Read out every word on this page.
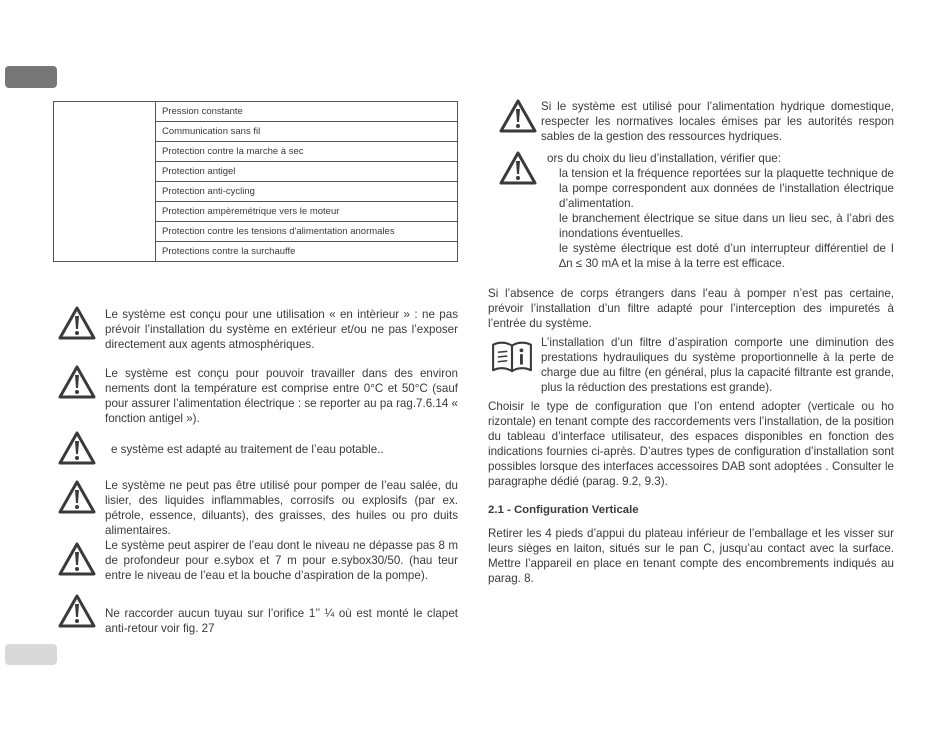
	Pression constante
Communication sans fil
Protection contre la marche à sec
Protection antigel
Protection anti-cycling
Protection ampèremétrique vers le moteur
Protection contre les tensions d'alimentation anormales
Protections contre la surchauffe
Le système est conçu pour une utilisation « en intèrieur » : ne pas prévoir l’installation du système en extérieur et/ou ne pas l’exposer directement aux agents atmosphériques.
Le système est conçu pour pouvoir travailler dans des environ nements dont la température est comprise entre 0°C et 50°C (sauf pour assurer l’alimentation électrique : se reporter au pa rag.7.6.14 « fonction antigel »).
e système est adapté au traitement de l’eau potable..
Le système ne peut pas être utilisé pour pomper de l’eau salée, du lisier, des liquides inflammables, corrosifs ou explosifs (par ex. pétrole, essence, diluants), des graisses, des huiles ou pro duits alimentaires.
Le système peut aspirer de l’eau dont le niveau ne dépasse pas 8 m de profondeur pour e.sybox et 7 m pour e.sybox30/50. (hau teur entre le niveau de l’eau et la bouche d’aspiration de la pompe).
Ne raccorder aucun tuyau sur l’orifice 1’’ ¼ où est monté le clapet anti-retour voir fig. 27
Si le système est utilisé pour l’alimentation hydrique domestique, respecter les normatives locales émises par les autorités respon sables de la gestion des ressources hydriques.
ors du choix du lieu d’installation, vérifier que:
la tension et la fréquence reportées sur la plaquette technique de la pompe correspondent aux données de l’installation électrique d’alimentation.
le branchement électrique se situe dans un lieu sec, à l’abri des inondations éventuelles.
le système électrique est doté d’un interrupteur différentiel de I ∆n ≤ 30 mA et la mise à la terre est efficace.
Si l’absence de corps étrangers dans l’eau à pomper n’est pas certaine, prévoir l’installation d’un filtre adapté pour l’interception des impuretés à l’entrée du système.
L’installation d’un filtre d’aspiration comporte une diminution des prestations hydrauliques du système proportionnelle à la perte de charge due au filtre (en général, plus la capacité filtrante est grande, plus la réduction des prestations est grande).
Choisir le type de configuration que l’on entend adopter (verticale ou ho rizontale) en tenant compte des raccordements vers l’installation, de la position du tableau d’interface utilisateur, des espaces disponibles en fonction des indications fournies ci-après. D’autres types de configuration d’installation sont possibles lorsque des interfaces accessoires DAB sont adoptées . Consulter le paragraphe dédié (parag. 9.2, 9.3).
2.1 - Configuration Verticale
Retirer les 4 pieds d’appui du plateau inférieur de l’emballage et les visser sur leurs sièges en laiton, situés sur le pan C, jusqu’au contact avec la surface. Mettre l’appareil en place en tenant compte des encombrements indiqués au parag. 8.
